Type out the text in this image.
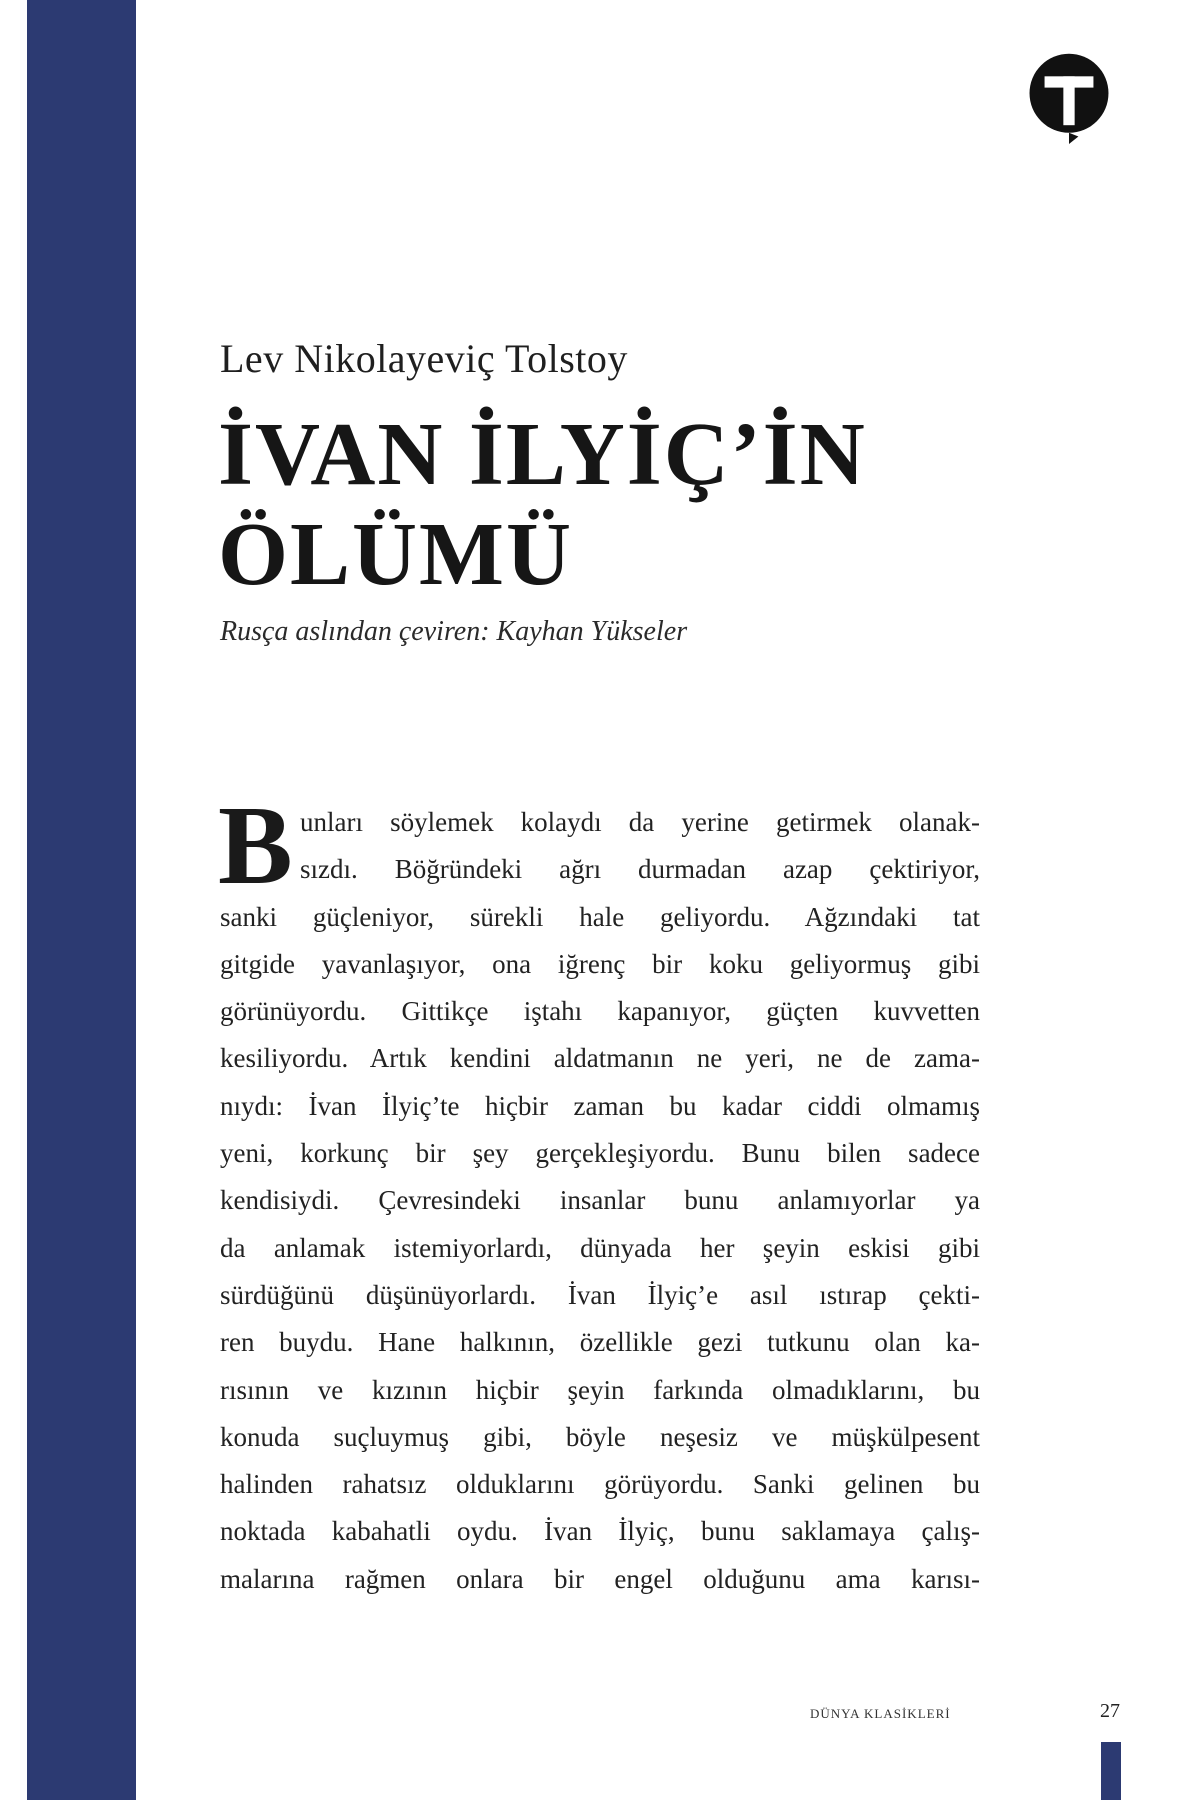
Lev Nikolayeviç Tolstoy
İVAN İLYİÇ’İN
ÖLÜMÜ
Rusça aslından çeviren: Kayhan Yükseler
B unları söylemek kolaydı da yerine getirmek olanak-
sızdı. Böğründeki ağrı durmadan azap çektiriyor,
sanki güçleniyor, sürekli hale geliyordu. Ağzındaki tat
gitgide yavanlaşıyor, ona iğrenç bir koku geliyormuş gibi
görünüyordu. Gittikçe iştahı kapanıyor, güçten kuvvetten
kesiliyordu. Artık kendini aldatmanın ne yeri, ne de zama-
nıydı: İvan İlyiç’te hiçbir zaman bu kadar ciddi olmamış
yeni, korkunç bir şey gerçekleşiyordu. Bunu bilen sadece
kendisiydi. Çevresindeki insanlar bunu anlamıyorlar ya
da anlamak istemiyorlardı, dünyada her şeyin eskisi gibi
sürdüğünü düşünüyorlardı. İvan İlyiç’e asıl ıstırap çekti-
ren buydu. Hane halkının, özellikle gezi tutkunu olan ka-
rısının ve kızının hiçbir şeyin farkında olmadıklarını, bu
konuda suçluymuş gibi, böyle neşesiz ve müşkülpesent
halinden rahatsız olduklarını görüyordu. Sanki gelinen bu
noktada kabahatli oydu. İvan İlyiç, bunu saklamaya çalış-
malarına rağmen onlara bir engel olduğunu ama karısı-
DÜNYA KLASİKLERİ	27
